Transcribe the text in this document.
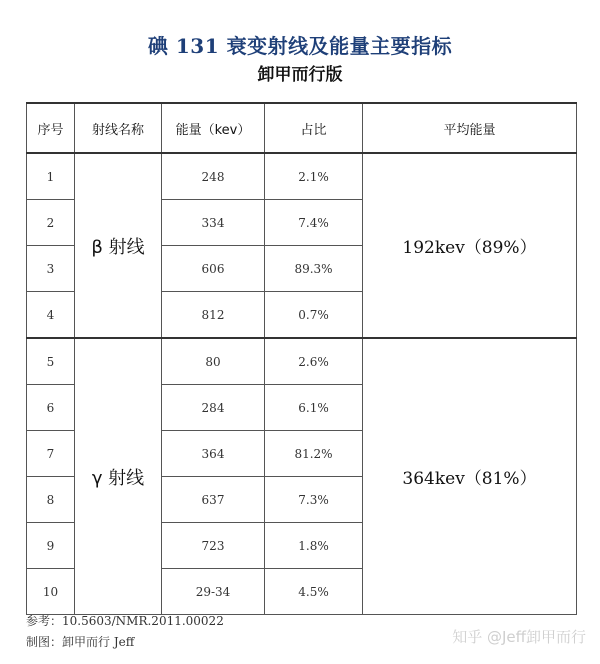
碘 131 衰变射线及能量主要指标
卸甲而行版
序号	射线名称	能量（kev）	占比	平均能量
1	β 射线	248	2.1%	192kev（89%）
2		334	7.4%	
3		606	89.3%	
4		812	0.7%	
5	γ 射线	80	2.6%	364kev（81%）
6		284	6.1%	
7		364	81.2%	
8		637	7.3%	
9		723	1.8%	
10		29-34	4.5%	
参考：10.5603/NMR.2011.00022
制图：卸甲而行 Jeff	知乎 @Jeff卸甲而行
